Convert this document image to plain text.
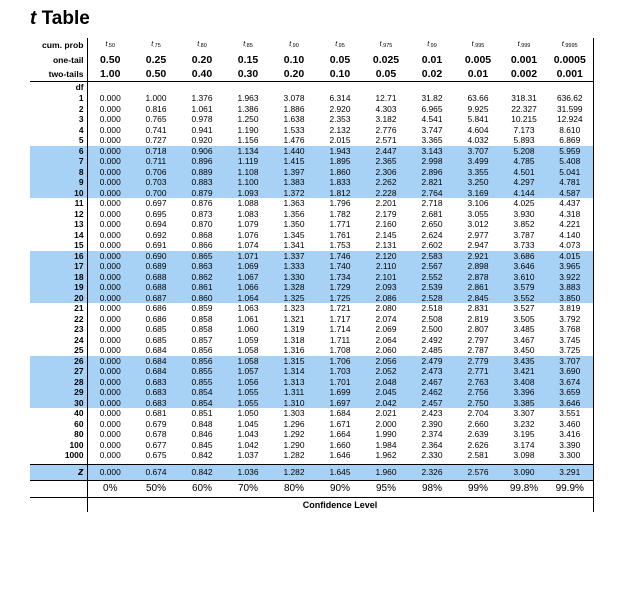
t Table
cum. prob	$t_{.50}$	$t_{.75}$	$t_{.80}$	$t_{.85}$	$t_{.90}$	$t_{.95}$	$t_{.975}$	$t_{.99}$	$t_{.995}$	$t_{.999}$	$t_{.9995}$
one-tail	0.50	0.25	0.20	0.15	0.10	0.05	0.025	0.01	0.005	0.001	0.0005
two-tails	1.00	0.50	0.40	0.30	0.20	0.10	0.05	0.02	0.01	0.002	0.001
df											
1	0.000	1.000	1.376	1.963	3.078	6.314	12.71	31.82	63.66	318.31	636.62
2	0.000	0.816	1.061	1.386	1.886	2.920	4.303	6.965	9.925	22.327	31.599
3	0.000	0.765	0.978	1.250	1.638	2.353	3.182	4.541	5.841	10.215	12.924
4	0.000	0.741	0.941	1.190	1.533	2.132	2.776	3.747	4.604	7.173	8.610
5	0.000	0.727	0.920	1.156	1.476	2.015	2.571	3.365	4.032	5.893	6.869
6	0.000	0.718	0.906	1.134	1.440	1.943	2.447	3.143	3.707	5.208	5.959
7	0.000	0.711	0.896	1.119	1.415	1.895	2.365	2.998	3.499	4.785	5.408
8	0.000	0.706	0.889	1.108	1.397	1.860	2.306	2.896	3.355	4.501	5.041
9	0.000	0.703	0.883	1.100	1.383	1.833	2.262	2.821	3.250	4.297	4.781
10	0.000	0.700	0.879	1.093	1.372	1.812	2.228	2.764	3.169	4.144	4.587
11	0.000	0.697	0.876	1.088	1.363	1.796	2.201	2.718	3.106	4.025	4.437
12	0.000	0.695	0.873	1.083	1.356	1.782	2.179	2.681	3.055	3.930	4.318
13	0.000	0.694	0.870	1.079	1.350	1.771	2.160	2.650	3.012	3.852	4.221
14	0.000	0.692	0.868	1.076	1.345	1.761	2.145	2.624	2.977	3.787	4.140
15	0.000	0.691	0.866	1.074	1.341	1.753	2.131	2.602	2.947	3.733	4.073
16	0.000	0.690	0.865	1.071	1.337	1.746	2.120	2.583	2.921	3.686	4.015
17	0.000	0.689	0.863	1.069	1.333	1.740	2.110	2.567	2.898	3.646	3.965
18	0.000	0.688	0.862	1.067	1.330	1.734	2.101	2.552	2.878	3.610	3.922
19	0.000	0.688	0.861	1.066	1.328	1.729	2.093	2.539	2.861	3.579	3.883
20	0.000	0.687	0.860	1.064	1.325	1.725	2.086	2.528	2.845	3.552	3.850
21	0.000	0.686	0.859	1.063	1.323	1.721	2.080	2.518	2.831	3.527	3.819
22	0.000	0.686	0.858	1.061	1.321	1.717	2.074	2.508	2.819	3.505	3.792
23	0.000	0.685	0.858	1.060	1.319	1.714	2.069	2.500	2.807	3.485	3.768
24	0.000	0.685	0.857	1.059	1.318	1.711	2.064	2.492	2.797	3.467	3.745
25	0.000	0.684	0.856	1.058	1.316	1.708	2.060	2.485	2.787	3.450	3.725
26	0.000	0.684	0.856	1.058	1.315	1.706	2.056	2.479	2.779	3.435	3.707
27	0.000	0.684	0.855	1.057	1.314	1.703	2.052	2.473	2.771	3.421	3.690
28	0.000	0.683	0.855	1.056	1.313	1.701	2.048	2.467	2.763	3.408	3.674
29	0.000	0.683	0.854	1.055	1.311	1.699	2.045	2.462	2.756	3.396	3.659
30	0.000	0.683	0.854	1.055	1.310	1.697	2.042	2.457	2.750	3.385	3.646
40	0.000	0.681	0.851	1.050	1.303	1.684	2.021	2.423	2.704	3.307	3.551
60	0.000	0.679	0.848	1.045	1.296	1.671	2.000	2.390	2.660	3.232	3.460
80	0.000	0.678	0.846	1.043	1.292	1.664	1.990	2.374	2.639	3.195	3.416
100	0.000	0.677	0.845	1.042	1.290	1.660	1.984	2.364	2.626	3.174	3.390
1000	0.000	0.675	0.842	1.037	1.282	1.646	1.962	2.330	2.581	3.098	3.300

z	0.000	0.674	0.842	1.036	1.282	1.645	1.960	2.326	2.576	3.090	3.291
	0%	50%	60%	70%	80%	90%	95%	98%	99%	99.8%	99.9%
	Confidence Level										
